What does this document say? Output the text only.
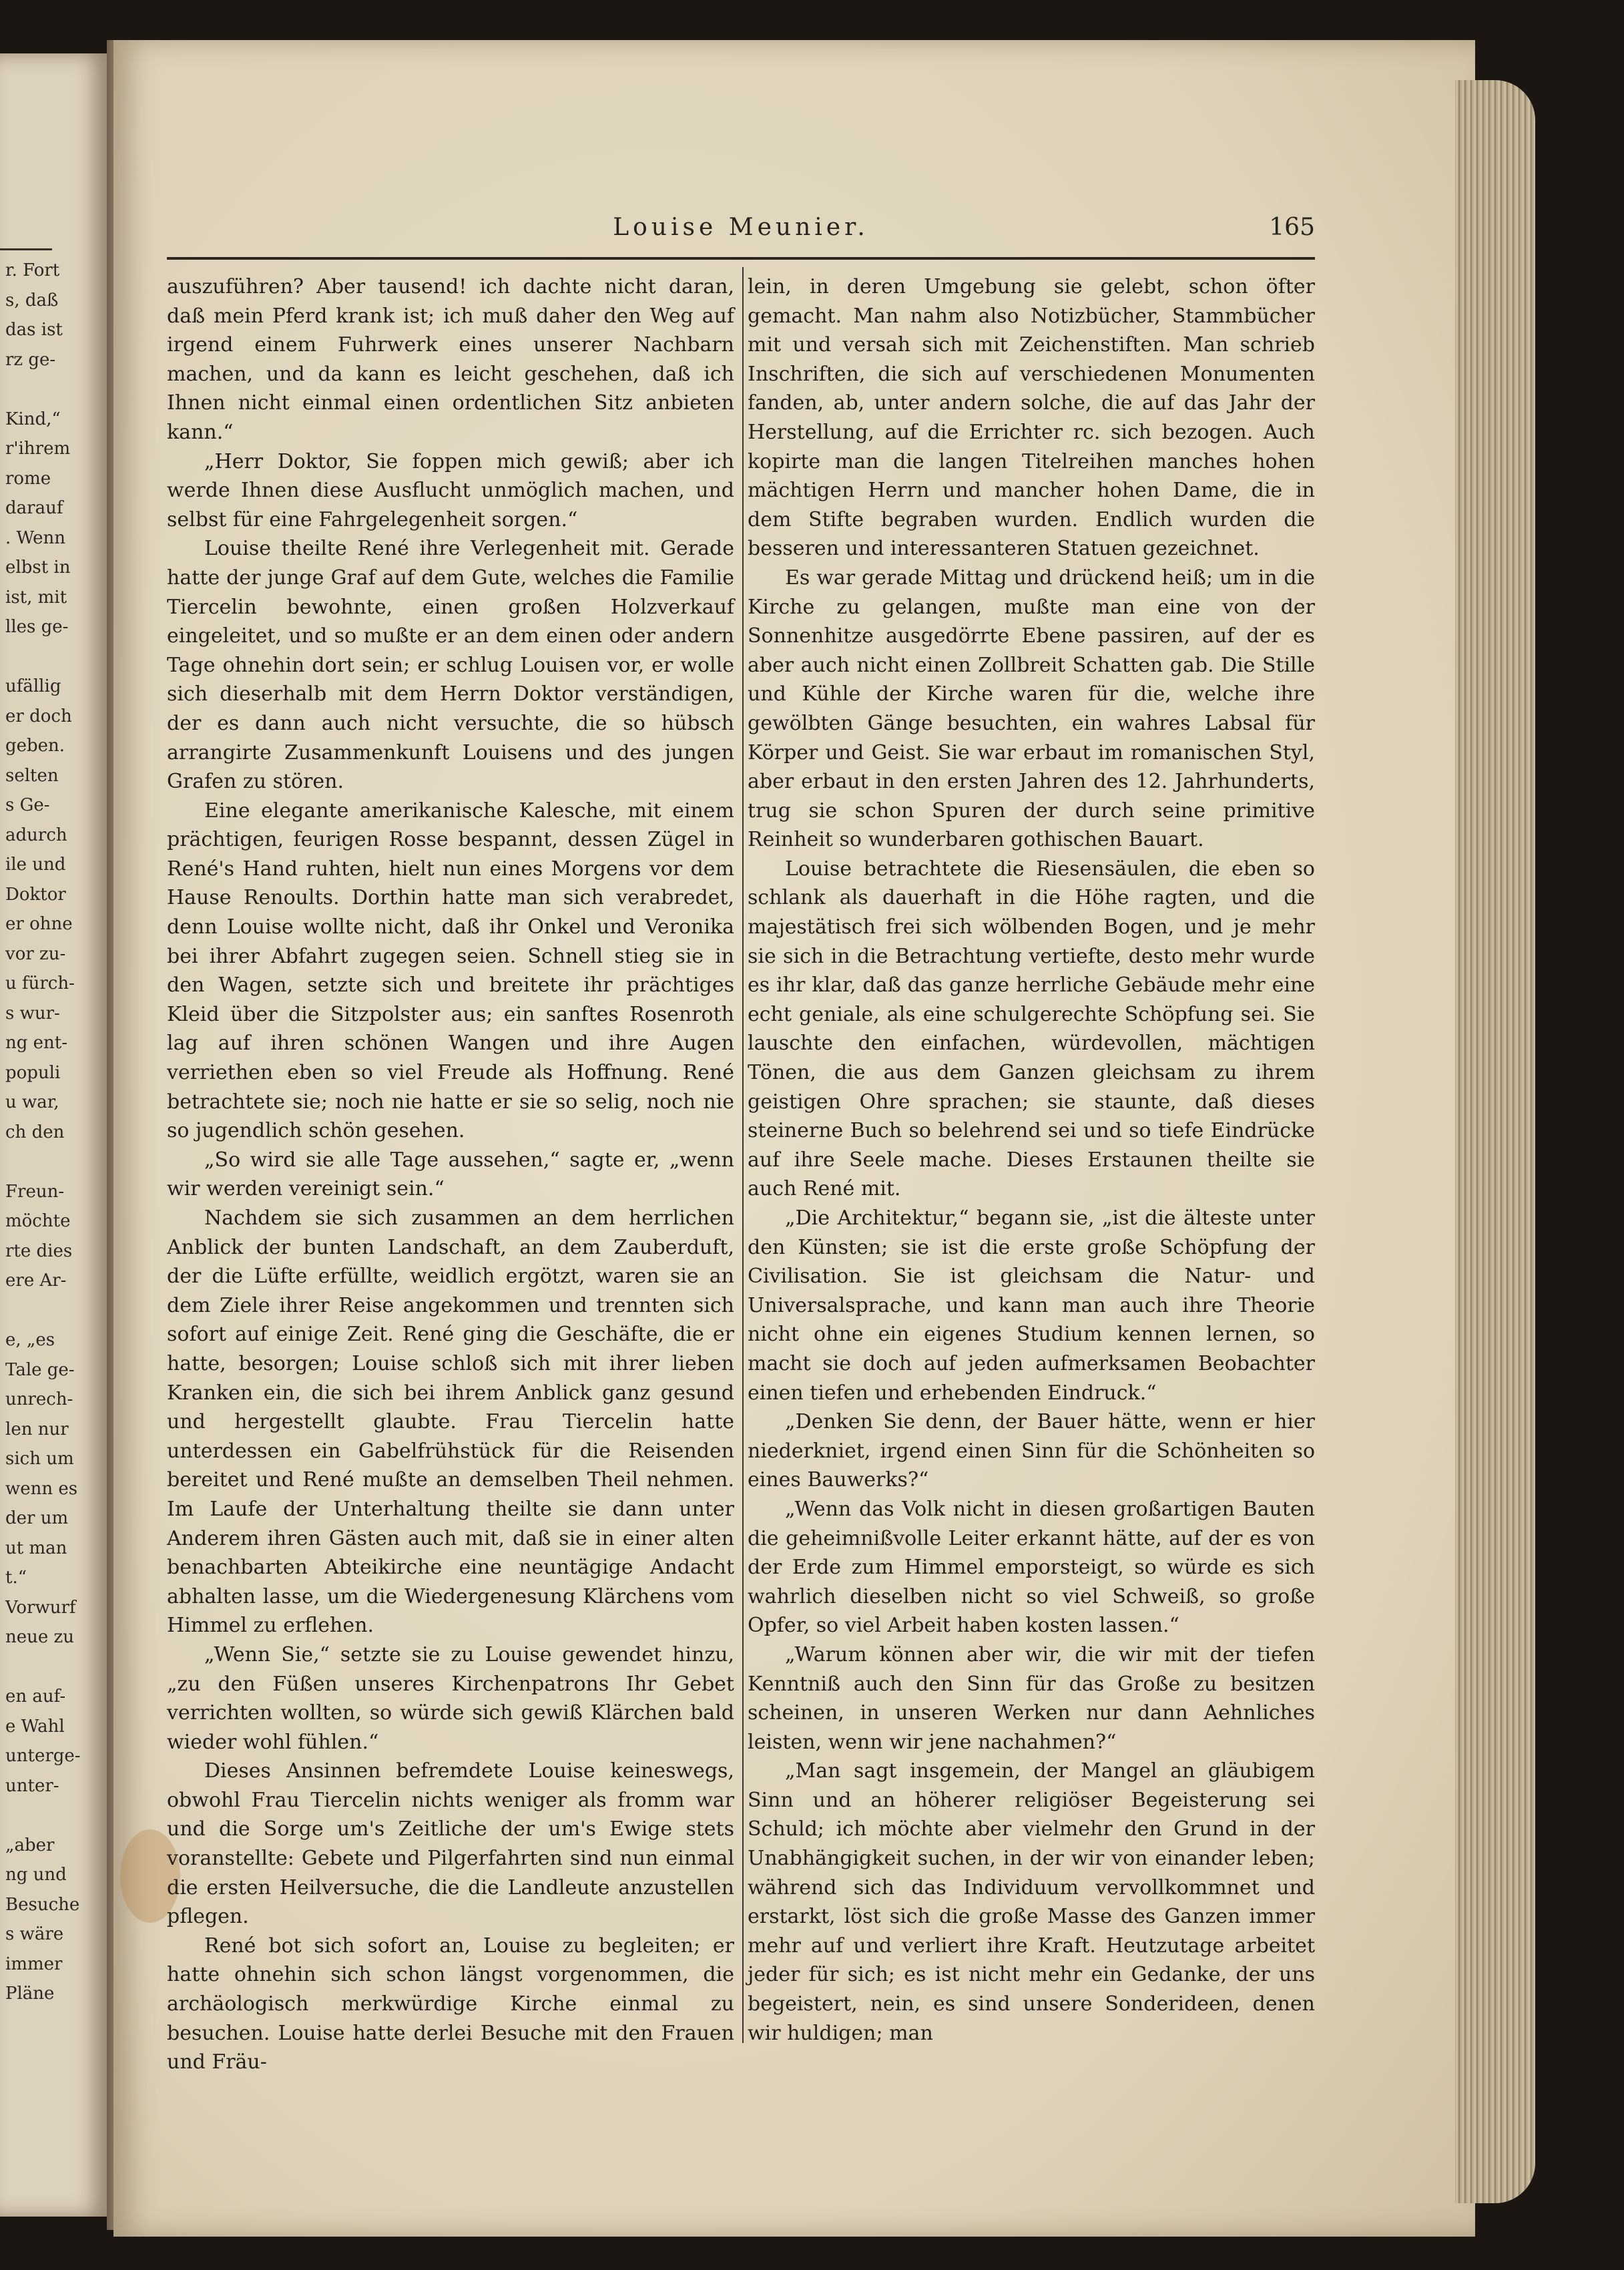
r. Fort
s, daß
das ist
rz ge-
Kind,“
r'ihrem
rome
darauf
. Wenn
elbst in
ist, mit
lles ge-
ufällig
er doch
geben.
selten
s Ge-
adurch
ile und
Doktor
er ohne
vor zu-
u fürch-
s wur-
ng ent-
populi
u war,
ch den
Freun-
möchte
rte dies
ere Ar-
e, „es
Tale ge-
unrech-
len nur
sich um
wenn es
der um
ut man
t.“
Vorwurf
neue zu
en auf-
e Wahl
unterge-
unter-
„aber
ng und
Besuche
s wäre
immer
Pläne
Louise Meunier.	165

auszuführen? Aber tausend! ich dachte nicht daran, daß mein Pferd krank ist; ich muß daher den Weg auf irgend einem Fuhrwerk eines unserer Nachbarn machen, und da kann es leicht geschehen, daß ich Ihnen nicht einmal einen ordentlichen Sitz anbieten kann.“

„Herr Doktor, Sie foppen mich gewiß; aber ich werde Ihnen diese Ausflucht unmöglich machen, und selbst für eine Fahrgelegenheit sorgen.“

Louise theilte René ihre Verlegenheit mit. Gerade hatte der junge Graf auf dem Gute, welches die Familie Tiercelin bewohnte, einen großen Holzverkauf eingeleitet, und so mußte er an dem einen oder andern Tage ohnehin dort sein; er schlug Louisen vor, er wolle sich dieserhalb mit dem Herrn Doktor verständigen, der es dann auch nicht versuchte, die so hübsch arrangirte Zusammenkunft Louisens und des jungen Grafen zu stören.

Eine elegante amerikanische Kalesche, mit einem prächtigen, feurigen Rosse bespannt, dessen Zügel in René's Hand ruhten, hielt nun eines Morgens vor dem Hause Renoults. Dorthin hatte man sich verabredet, denn Louise wollte nicht, daß ihr Onkel und Veronika bei ihrer Abfahrt zugegen seien. Schnell stieg sie in den Wagen, setzte sich und breitete ihr prächtiges Kleid über die Sitzpolster aus; ein sanftes Rosenroth lag auf ihren schönen Wangen und ihre Augen verriethen eben so viel Freude als Hoffnung. René betrachtete sie; noch nie hatte er sie so selig, noch nie so jugendlich schön gesehen.

„So wird sie alle Tage aussehen,“ sagte er, „wenn wir werden vereinigt sein.“

Nachdem sie sich zusammen an dem herrlichen Anblick der bunten Landschaft, an dem Zauberduft, der die Lüfte erfüllte, weidlich ergötzt, waren sie an dem Ziele ihrer Reise angekommen und trennten sich sofort auf einige Zeit. René ging die Geschäfte, die er hatte, besorgen; Louise schloß sich mit ihrer lieben Kranken ein, die sich bei ihrem Anblick ganz gesund und hergestellt glaubte. Frau Tiercelin hatte unterdessen ein Gabelfrühstück für die Reisenden bereitet und René mußte an demselben Theil nehmen. Im Laufe der Unterhaltung theilte sie dann unter Anderem ihren Gästen auch mit, daß sie in einer alten benachbarten Abteikirche eine neuntägige Andacht abhalten lasse, um die Wiedergenesung Klärchens vom Himmel zu erflehen.

„Wenn Sie,“ setzte sie zu Louise gewendet hinzu, „zu den Füßen unseres Kirchenpatrons Ihr Gebet verrichten wollten, so würde sich gewiß Klärchen bald wieder wohl fühlen.“

Dieses Ansinnen befremdete Louise keineswegs, obwohl Frau Tiercelin nichts weniger als fromm war und die Sorge um's Zeitliche der um's Ewige stets voranstellte: Gebete und Pilgerfahrten sind nun einmal die ersten Heilversuche, die die Landleute anzustellen pflegen.

René bot sich sofort an, Louise zu begleiten; er hatte ohnehin sich schon längst vorgenommen, die archäologisch merkwürdige Kirche einmal zu besuchen. Louise hatte derlei Besuche mit den Frauen und Fräu-

lein, in deren Umgebung sie gelebt, schon öfter gemacht. Man nahm also Notizbücher, Stammbücher mit und versah sich mit Zeichenstiften. Man schrieb Inschriften, die sich auf verschiedenen Monumenten fanden, ab, unter andern solche, die auf das Jahr der Herstellung, auf die Errichter rc. sich bezogen. Auch kopirte man die langen Titelreihen manches hohen mächtigen Herrn und mancher hohen Dame, die in dem Stifte begraben wurden. Endlich wurden die besseren und interessanteren Statuen gezeichnet.

Es war gerade Mittag und drückend heiß; um in die Kirche zu gelangen, mußte man eine von der Sonnenhitze ausgedörrte Ebene passiren, auf der es aber auch nicht einen Zollbreit Schatten gab. Die Stille und Kühle der Kirche waren für die, welche ihre gewölbten Gänge besuchten, ein wahres Labsal für Körper und Geist. Sie war erbaut im romanischen Styl, aber erbaut in den ersten Jahren des 12. Jahrhunderts, trug sie schon Spuren der durch seine primitive Reinheit so wunderbaren gothischen Bauart.

Louise betrachtete die Riesensäulen, die eben so schlank als dauerhaft in die Höhe ragten, und die majestätisch frei sich wölbenden Bogen, und je mehr sie sich in die Betrachtung vertiefte, desto mehr wurde es ihr klar, daß das ganze herrliche Gebäude mehr eine echt geniale, als eine schulgerechte Schöpfung sei. Sie lauschte den einfachen, würdevollen, mächtigen Tönen, die aus dem Ganzen gleichsam zu ihrem geistigen Ohre sprachen; sie staunte, daß dieses steinerne Buch so belehrend sei und so tiefe Eindrücke auf ihre Seele mache. Dieses Erstaunen theilte sie auch René mit.

„Die Architektur,“ begann sie, „ist die älteste unter den Künsten; sie ist die erste große Schöpfung der Civilisation. Sie ist gleichsam die Natur- und Universalsprache, und kann man auch ihre Theorie nicht ohne ein eigenes Studium kennen lernen, so macht sie doch auf jeden aufmerksamen Beobachter einen tiefen und erhebenden Eindruck.“

„Denken Sie denn, der Bauer hätte, wenn er hier niederkniet, irgend einen Sinn für die Schönheiten so eines Bauwerks?“

„Wenn das Volk nicht in diesen großartigen Bauten die geheimnißvolle Leiter erkannt hätte, auf der es von der Erde zum Himmel emporsteigt, so würde es sich wahrlich dieselben nicht so viel Schweiß, so große Opfer, so viel Arbeit haben kosten lassen.“

„Warum können aber wir, die wir mit der tiefen Kenntniß auch den Sinn für das Große zu besitzen scheinen, in unseren Werken nur dann Aehnliches leisten, wenn wir jene nachahmen?“

„Man sagt insgemein, der Mangel an gläubigem Sinn und an höherer religiöser Begeisterung sei Schuld; ich möchte aber vielmehr den Grund in der Unabhängigkeit suchen, in der wir von einander leben; während sich das Individuum vervollkommnet und erstarkt, löst sich die große Masse des Ganzen immer mehr auf und verliert ihre Kraft. Heutzutage arbeitet jeder für sich; es ist nicht mehr ein Gedanke, der uns begeistert, nein, es sind unsere Sonderideen, denen wir huldigen; man
